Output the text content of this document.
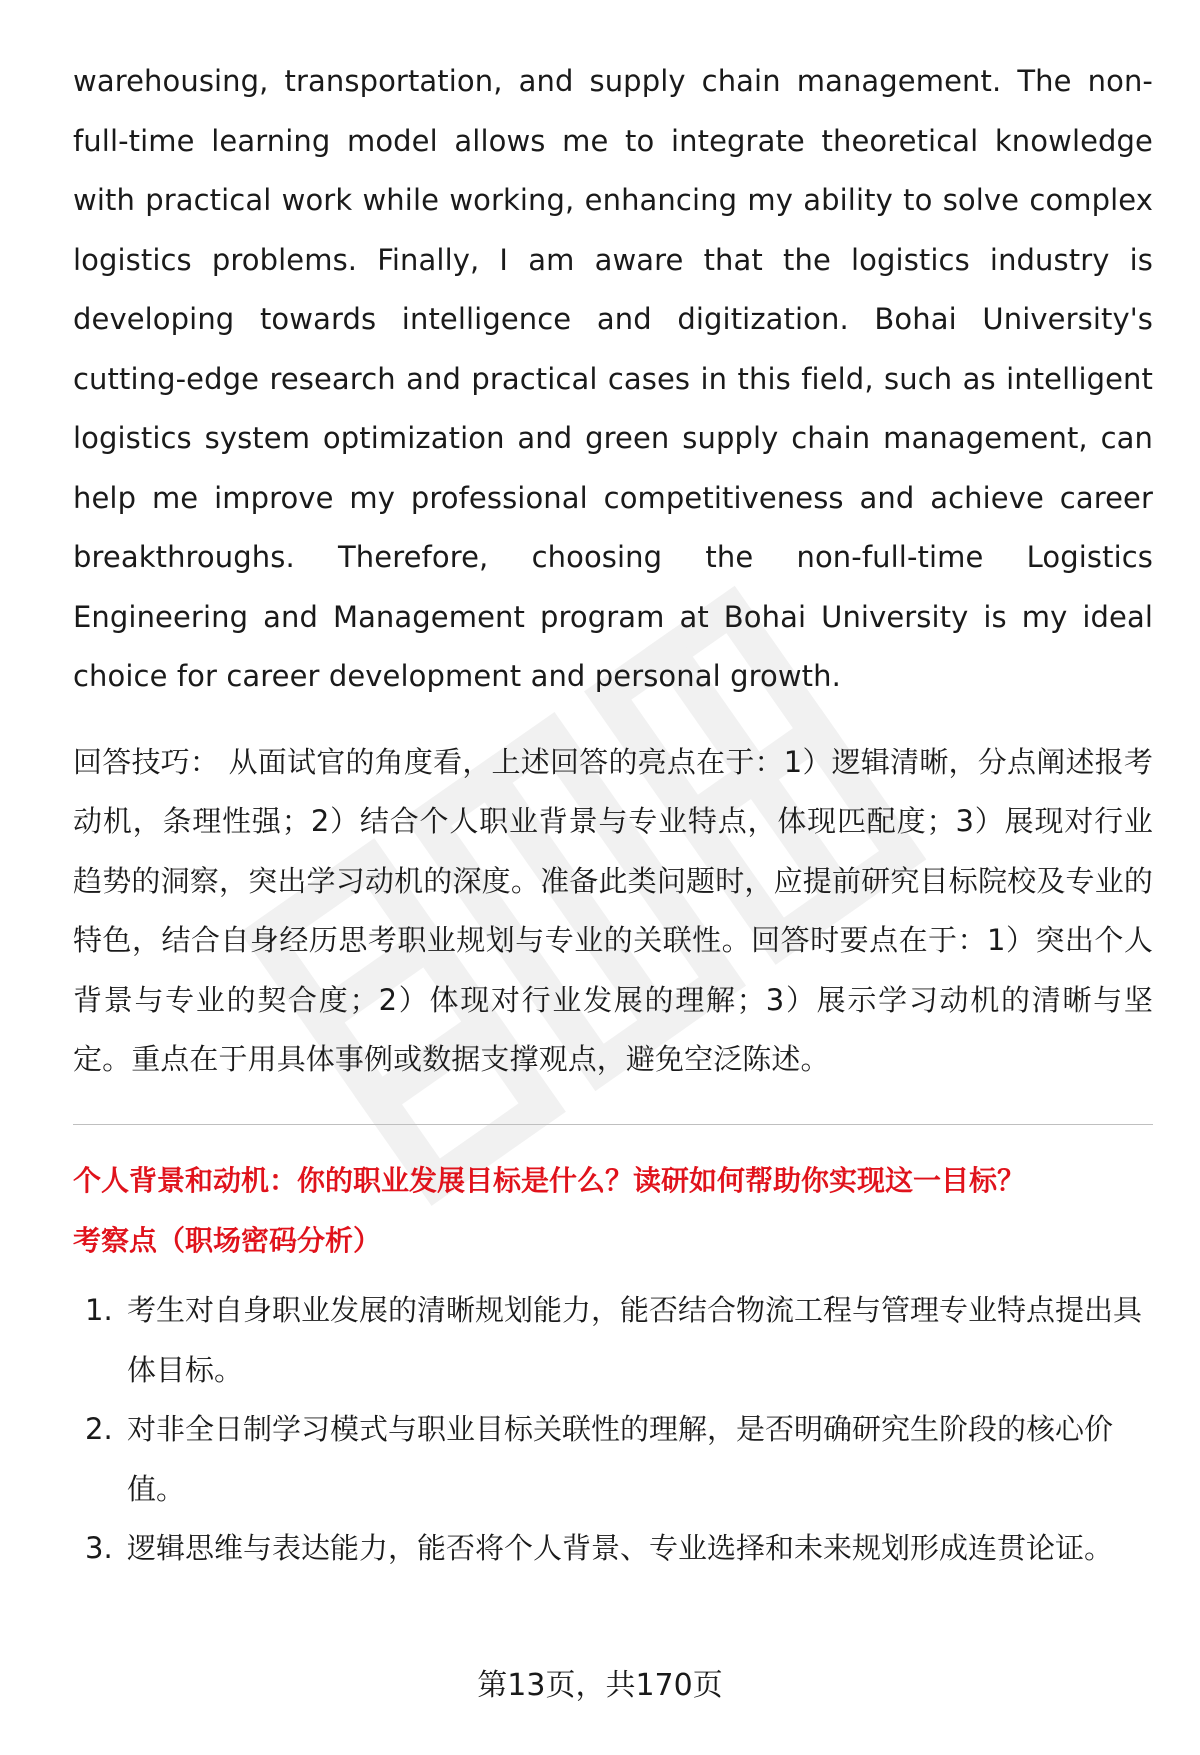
warehousing, transportation, and supply chain management. The non-full-time learning model allows me to integrate theoretical knowledge with practical work while working, enhancing my ability to solve complex logistics problems. Finally, I am aware that the logistics industry is developing towards intelligence and digitization. Bohai University's cutting-edge research and practical cases in this field, such as intelligent logistics system optimization and green supply chain management, can help me improve my professional competitiveness and achieve career breakthroughs. Therefore, choosing the non-full-time Logistics Engineering and Management program at Bohai University is my ideal choice for career development and personal growth.

回答技巧： 从面试官的角度看，上述回答的亮点在于：1）逻辑清晰，分点阐述报考动机，条理性强；2）结合个人职业背景与专业特点，体现匹配度；3）展现对行业趋势的洞察，突出学习动机的深度。准备此类问题时，应提前研究目标院校及专业的特色，结合自身经历思考职业规划与专业的关联性。回答时要点在于：1）突出个人背景与专业的契合度；2）体现对行业发展的理解；3）展示学习动机的清晰与坚定。重点在于用具体事例或数据支撑观点，避免空泛陈述。

个人背景和动机：你的职业发展目标是什么？读研如何帮助你实现这一目标？

考察点（职场密码分析）

1. 考生对自身职业发展的清晰规划能力，能否结合物流工程与管理专业特点提出具体目标。
2. 对非全日制学习模式与职业目标关联性的理解，是否明确研究生阶段的核心价值。
3. 逻辑思维与表达能力，能否将个人背景、专业选择和未来规划形成连贯论证。
第13页，共170页
